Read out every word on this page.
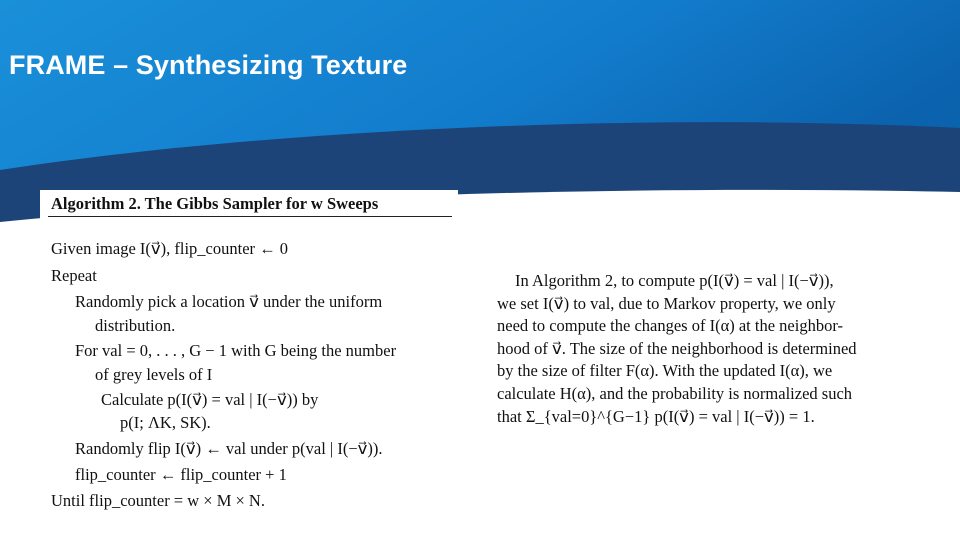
FRAME – Synthesizing Texture
Algorithm 2. The Gibbs Sampler for w Sweeps
Given image I(v⃗), flip_counter ← 0
Repeat
Randomly pick a location v⃗ under the uniform
distribution.
For val = 0, . . . , G − 1 with G being the number
of grey levels of I
Calculate p(I(v⃗) = val | I(−v⃗)) by
p(I; ΛK, SK).
Randomly flip I(v⃗) ← val under p(val | I(−v⃗)).
flip_counter ← flip_counter + 1
Until flip_counter = w × M × N.
In Algorithm 2, to compute p(I(v⃗) = val | I(−v⃗)),
we set I(v⃗) to val, due to Markov property, we only
need to compute the changes of I(α) at the neighbor-
hood of v⃗. The size of the neighborhood is determined
by the size of filter F(α). With the updated I(α), we
calculate H(α), and the probability is normalized such
that Σ_{val=0}^{G−1} p(I(v⃗) = val | I(−v⃗)) = 1.
